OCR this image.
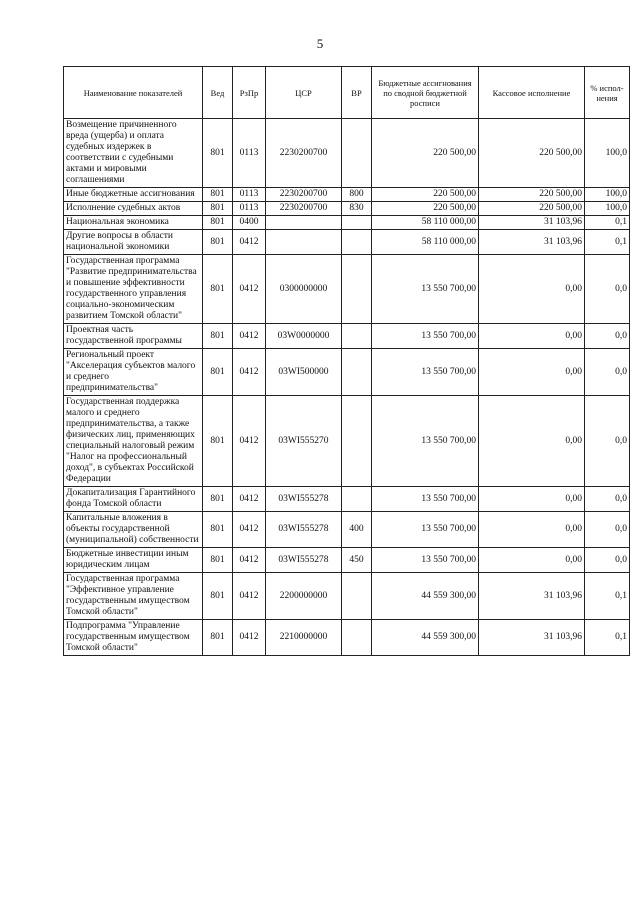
5
Наименование показателей	Вед	РзПр	ЦСР	ВР	Бюджетные ассигнования по сводной бюджетной росписи	Кассовое исполнение	% испол-нения
Возмещение причиненного вреда (ущерба) и оплата судебных издержек в соответствии с судебными актами и мировыми соглашениями	801	0113	2230200700		220 500,00	220 500,00	100,0
Иные бюджетные ассигнования	801	0113	2230200700	800	220 500,00	220 500,00	100,0
Исполнение судебных актов	801	0113	2230200700	830	220 500,00	220 500,00	100,0
Национальная экономика	801	0400			58 110 000,00	31 103,96	0,1
Другие вопросы в области национальной экономики	801	0412			58 110 000,00	31 103,96	0,1
Государственная программа "Развитие предпринимательства и повышение эффективности государственного управления социально-экономическим развитием Томской области"	801	0412	0300000000		13 550 700,00	0,00	0,0
Проектная часть государственной программы	801	0412	03W0000000		13 550 700,00	0,00	0,0
Региональный проект "Акселерация субъектов малого и среднего предпринимательства"	801	0412	03WI500000		13 550 700,00	0,00	0,0
Государственная поддержка малого и среднего предпринимательства, а также физических лиц, применяющих специальный налоговый режим "Налог на профессиональный доход", в субъектах Российской Федерации	801	0412	03WI555270		13 550 700,00	0,00	0,0
Докапитализация Гарантийного фонда Томской области	801	0412	03WI555278		13 550 700,00	0,00	0,0
Капитальные вложения в объекты государственной (муниципальной) собственности	801	0412	03WI555278	400	13 550 700,00	0,00	0,0
Бюджетные инвестиции иным юридическим лицам	801	0412	03WI555278	450	13 550 700,00	0,00	0,0
Государственная программа "Эффективное управление государственным имуществом Томской области"	801	0412	2200000000		44 559 300,00	31 103,96	0,1
Подпрограмма "Управление государственным имуществом Томской области"	801	0412	2210000000		44 559 300,00	31 103,96	0,1
